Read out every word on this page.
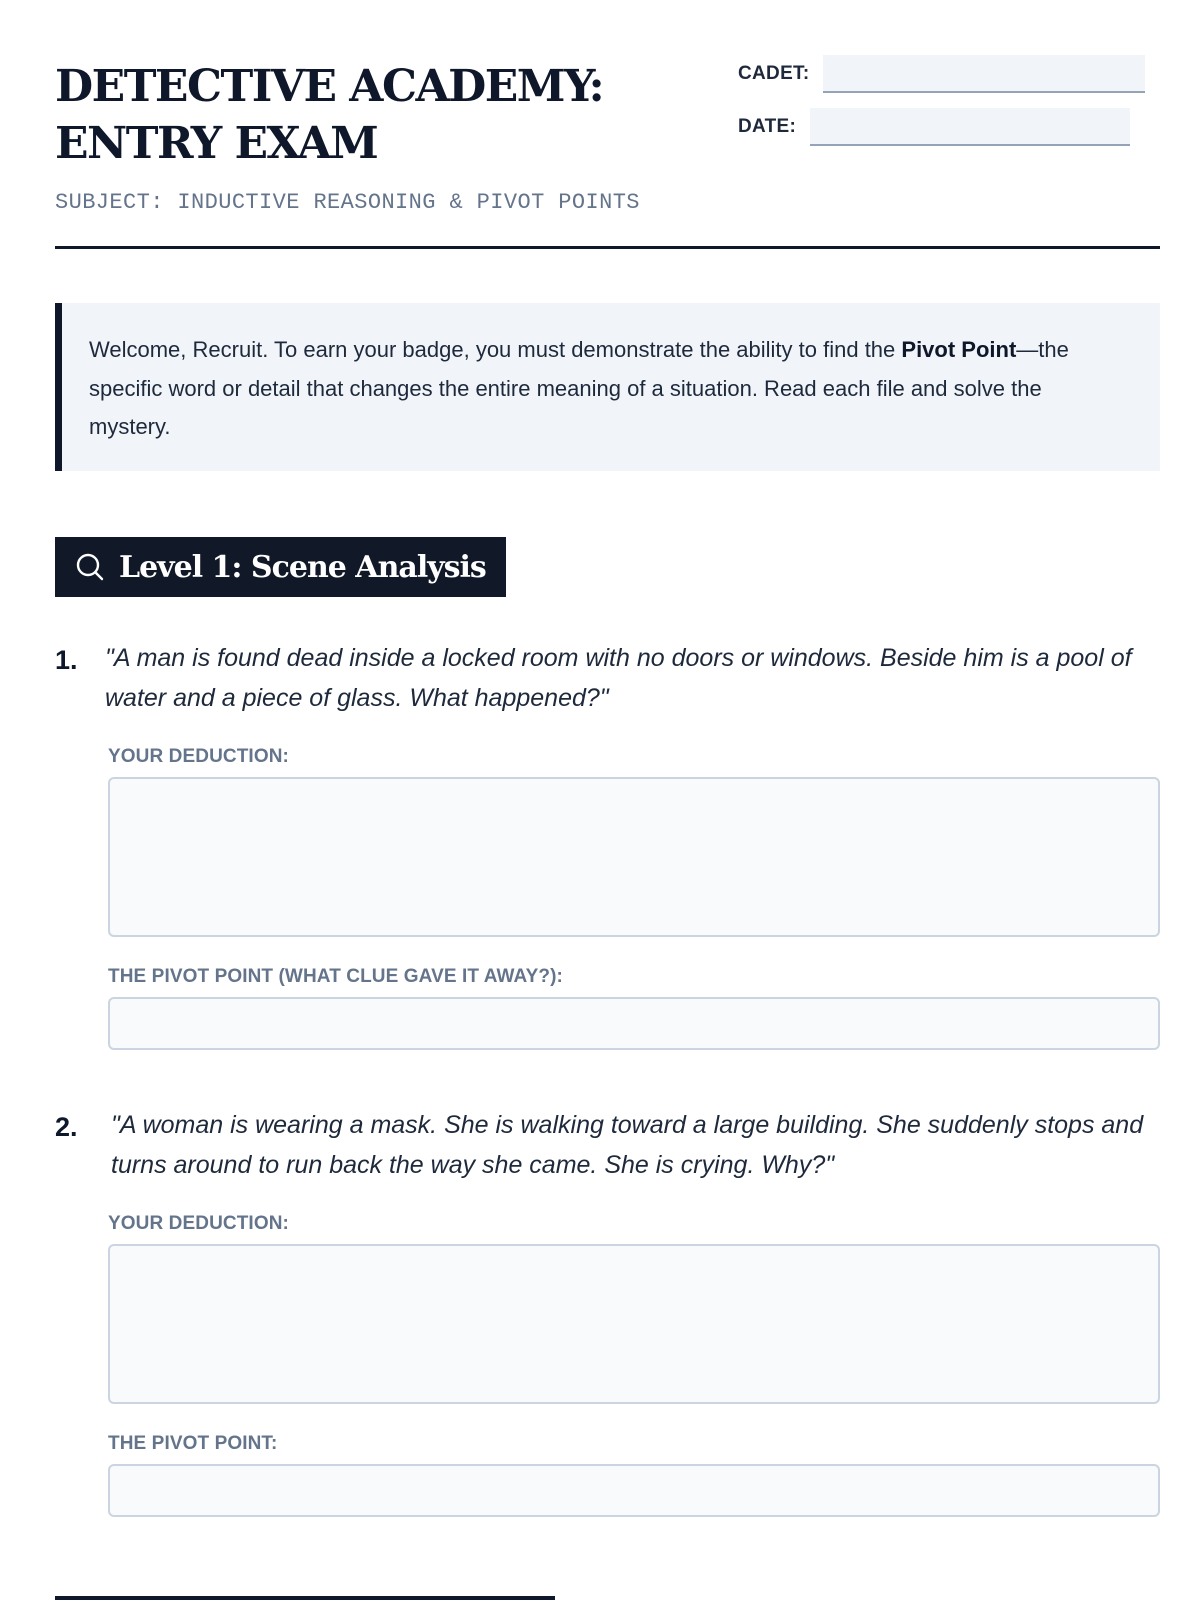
DETECTIVE ACADEMY:
ENTRY EXAM
SUBJECT: INDUCTIVE REASONING & PIVOT POINTS
CADET:
DATE:
Welcome, Recruit. To earn your badge, you must demonstrate the ability to find the Pivot Point—the specific word or detail that changes the entire meaning of a situation. Read each file and solve the mystery.
Level 1: Scene Analysis
1. "A man is found dead inside a locked room with no doors or windows. Beside him is a pool of water and a piece of glass. What happened?"
YOUR DEDUCTION:
THE PIVOT POINT (WHAT CLUE GAVE IT AWAY?):
2. "A woman is wearing a mask. She is walking toward a large building. She suddenly stops and turns around to run back the way she came. She is crying. Why?"
YOUR DEDUCTION:
THE PIVOT POINT:
